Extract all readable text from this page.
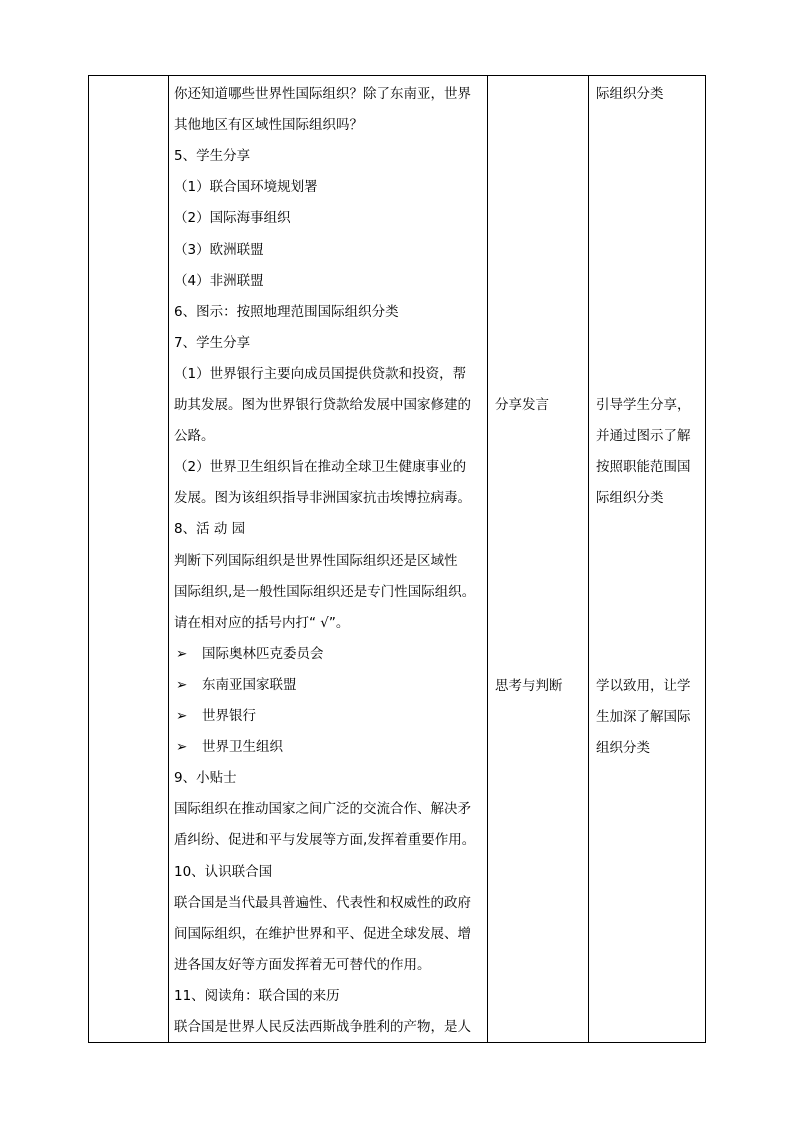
你还知道哪些世界性国际组织？除了东南亚，世界
其他地区有区域性国际组织吗？
5、学生分享
（1）联合国环境规划署
（2）国际海事组织
（3）欧洲联盟
（4）非洲联盟
6、图示：按照地理范围国际组织分类
7、学生分享
（1）世界银行主要向成员国提供贷款和投资，帮
助其发展。图为世界银行贷款给发展中国家修建的
公路。
（2）世界卫生组织旨在推动全球卫生健康事业的
发展。图为该组织指导非洲国家抗击埃博拉病毒。
8、活 动 园
判断下列国际组织是世界性国际组织还是区域性
国际组织,是一般性国际组织还是专门性国际组织。
请在相对应的括号内打“ √”。
➢ 国际奥林匹克委员会
➢ 东南亚国家联盟
➢ 世界银行
➢ 世界卫生组织
9、小贴士
国际组织在推动国家之间广泛的交流合作、解决矛
盾纠纷、促进和平与发展等方面,发挥着重要作用。
10、认识联合国
联合国是当代最具普遍性、代表性和权威性的政府
间国际组织，在维护世界和平、促进全球发展、增
进各国友好等方面发挥着无可替代的作用。
11、阅读角：联合国的来历
联合国是世界人民反法西斯战争胜利的产物，是人
分享发言
思考与判断
际组织分类
引导学生分享，
并通过图示了解
按照职能范围国
际组织分类
学以致用，让学
生加深了解国际
组织分类
